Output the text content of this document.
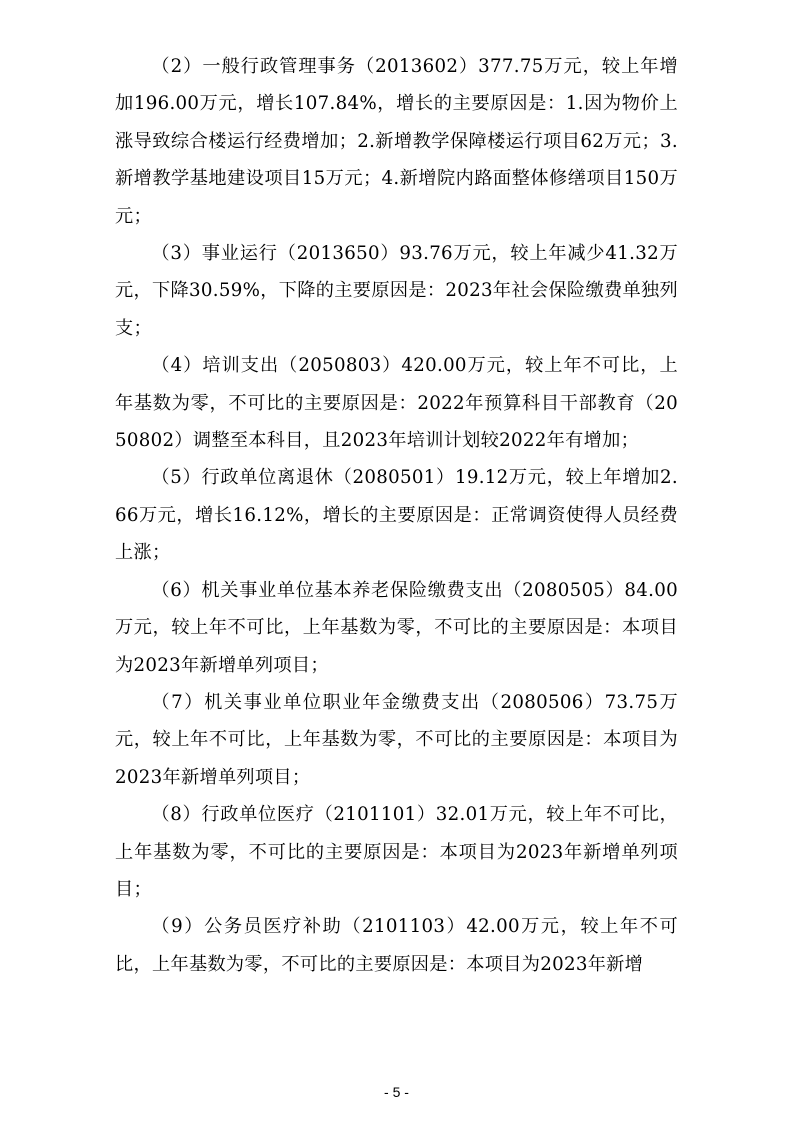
（2）一般行政管理事务（2013602）377.75万元，较上年增加196.00万元，增长107.84%，增长的主要原因是：1.因为物价上涨导致综合楼运行经费增加；2.新增教学保障楼运行项目62万元；3.新增教学基地建设项目15万元；4.新增院内路面整体修缮项目150万元；

（3）事业运行（2013650）93.76万元，较上年减少41.32万元，下降30.59%，下降的主要原因是：2023年社会保险缴费单独列支；

（4）培训支出（2050803）420.00万元，较上年不可比，上年基数为零，不可比的主要原因是：2022年预算科目干部教育（2050802）调整至本科目，且2023年培训计划较2022年有增加；

（5）行政单位离退休（2080501）19.12万元，较上年增加2.66万元，增长16.12%，增长的主要原因是：正常调资使得人员经费上涨；

（6）机关事业单位基本养老保险缴费支出（2080505）84.00万元，较上年不可比，上年基数为零，不可比的主要原因是：本项目为2023年新增单列项目；

（7）机关事业单位职业年金缴费支出（2080506）73.75万元，较上年不可比，上年基数为零，不可比的主要原因是：本项目为2023年新增单列项目；

（8）行政单位医疗（2101101）32.01万元，较上年不可比，上年基数为零，不可比的主要原因是：本项目为2023年新增单列项目；

（9）公务员医疗补助（2101103）42.00万元，较上年不可比，上年基数为零，不可比的主要原因是：本项目为2023年新增

- 5 -
